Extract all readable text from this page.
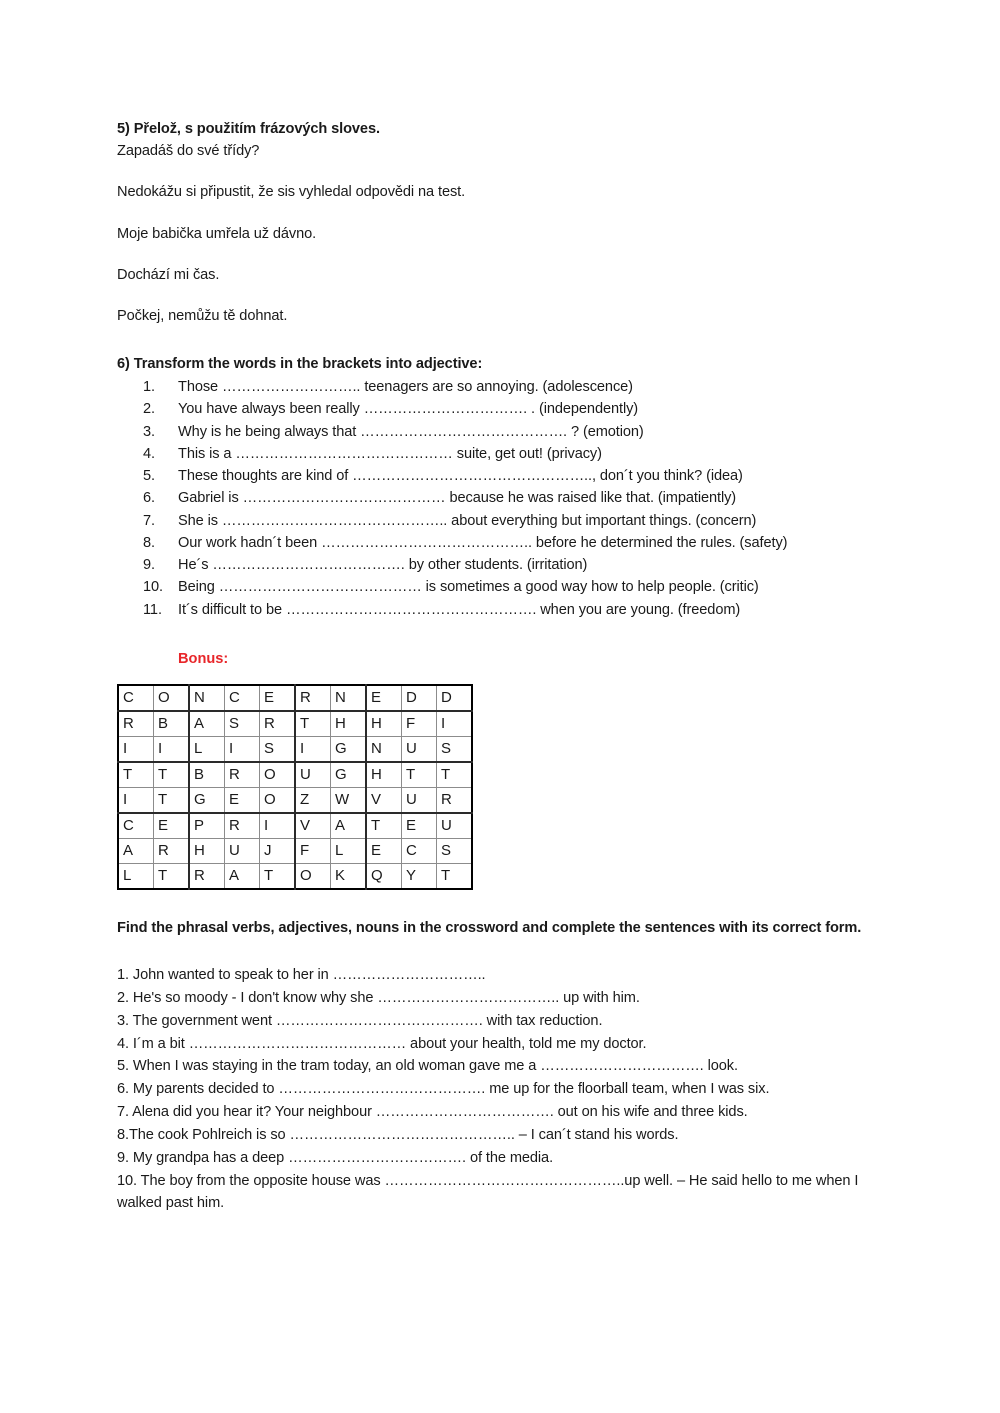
5) Přelož, s použitím frázových sloves.

Zapadáš do své třídy?

Nedokážu si připustit, že sis vyhledal odpovědi na test.

Moje babička umřela už dávno.

Dochází mi čas.

Počkej, nemůžu tě dohnat.

6) Transform the words in the brackets into adjective:

1.	Those ……………………….. teenagers are so annoying. (adolescence)
2.	You have always been really ……………………………. . (independently)
3.	Why is he being always that ……………………………………. ? (emotion)
4.	This is a ……………………………………… suite, get out! (privacy)
5.	These thoughts are kind of ………………………………………….., don´t you think? (idea)
6.	Gabriel is …………………………………… because he was raised like that. (impatiently)
7.	She is ……………………………………….. about everything but important things. (concern)
8.	Our work hadn´t been …………………………………….. before he determined the rules. (safety)
9.	He´s …………………………………. by other students. (irritation)
10.	Being …………………………………… is sometimes a good way how to help people. (critic)
11.	It´s difficult to be ……………………………………………. when you are young. (freedom)

Bonus:

C	O	N	C	E	R	N	E	D	D
R	B	A	S	R	T	H	H	F	I
I	I	L	I	S	I	G	N	U	S
T	T	B	R	O	U	G	H	T	T
I	T	G	E	O	Z	W	V	U	R
C	E	P	R	I	V	A	T	E	U
A	R	H	U	J	F	L	E	C	S
L	T	R	A	T	O	K	Q	Y	T

Find the phrasal verbs, adjectives, nouns in the crossword and complete the sentences with its correct form.

1. John wanted to speak to her in …………………………..

2. He's so moody - I don't know why she ……………………………….. up with him.

3. The government went ……………………………………. with tax reduction.

4. I´m a bit ……………………………………… about your health, told me my doctor.

5. When I was staying in the tram today, an old woman gave me a ……………………………. look.

6. My parents decided to ……………………………………. me up for the floorball team, when I was six.

7. Alena did you hear it? Your neighbour ………………………………. out on his wife and three kids.

8.The cook Pohlreich is so ……………………………………….. – I can´t stand his words.

9. My grandpa has a deep ………………………………. of the media.

10. The boy from the opposite house was …………………………………………..up well. – He said hello to me when I walked past him.
